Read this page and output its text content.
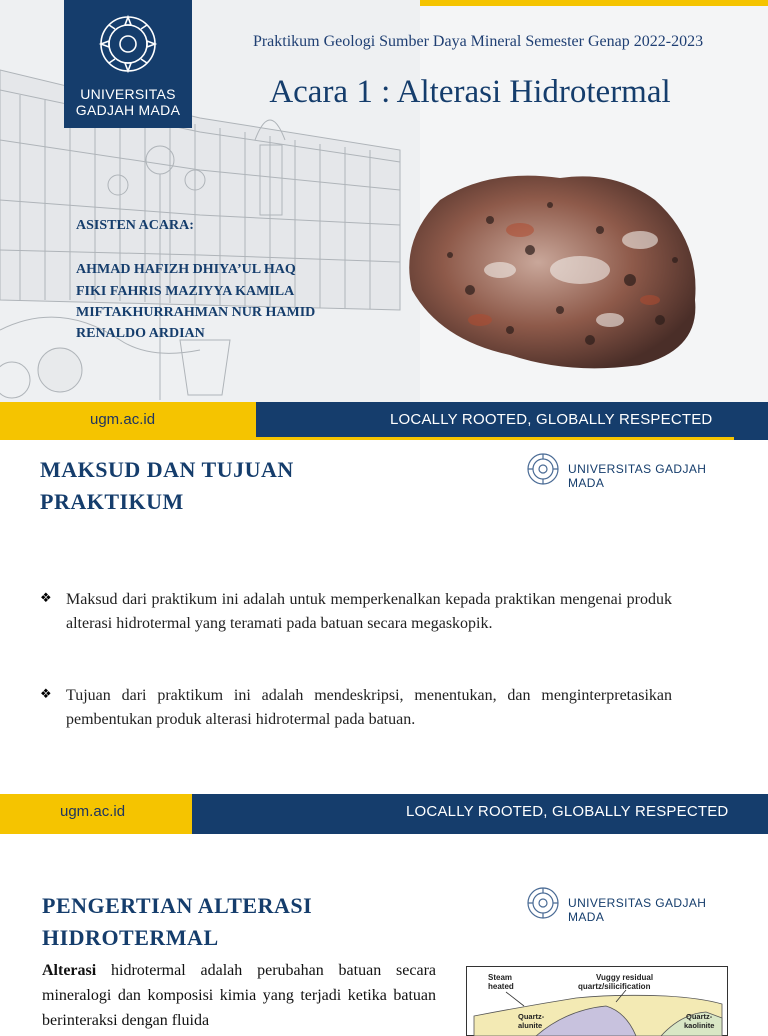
UNIVERSITAS
GADJAH MADA
Praktikum Geologi Sumber Daya Mineral Semester Genap 2022-2023
Acara 1 : Alterasi Hidrotermal
ASISTEN ACARA:
AHMAD HAFIZH DHIYA’UL HAQ
FIKI FAHRIS MAZIYYA KAMILA
MIFTAKHURRAHMAN NUR HAMID
RENALDO ARDIAN
ugm.ac.id	LOCALLY ROOTED, GLOBALLY RESPECTED
MAKSUD DAN TUJUAN
PRAKTIKUM
UNIVERSITAS GADJAH MADA
❖ Maksud dari praktikum ini adalah untuk memperkenalkan kepada praktikan mengenai produk alterasi hidrotermal yang teramati pada batuan secara megaskopik.
❖ Tujuan dari praktikum ini adalah mendeskripsi, menentukan, dan menginterpretasikan pembentukan produk alterasi hidrotermal pada batuan.
ugm.ac.id	LOCALLY ROOTED, GLOBALLY RESPECTED
PENGERTIAN ALTERASI
HIDROTERMAL
UNIVERSITAS GADJAH MADA
Alterasi hidrotermal adalah perubahan batuan secara mineralogi dan komposisi kimia yang terjadi ketika batuan berinteraksi dengan fluida
Steam
heated
Vuggy residual
quartz/silicification
Quartz-
alunite
Quartz-
kaolinite
